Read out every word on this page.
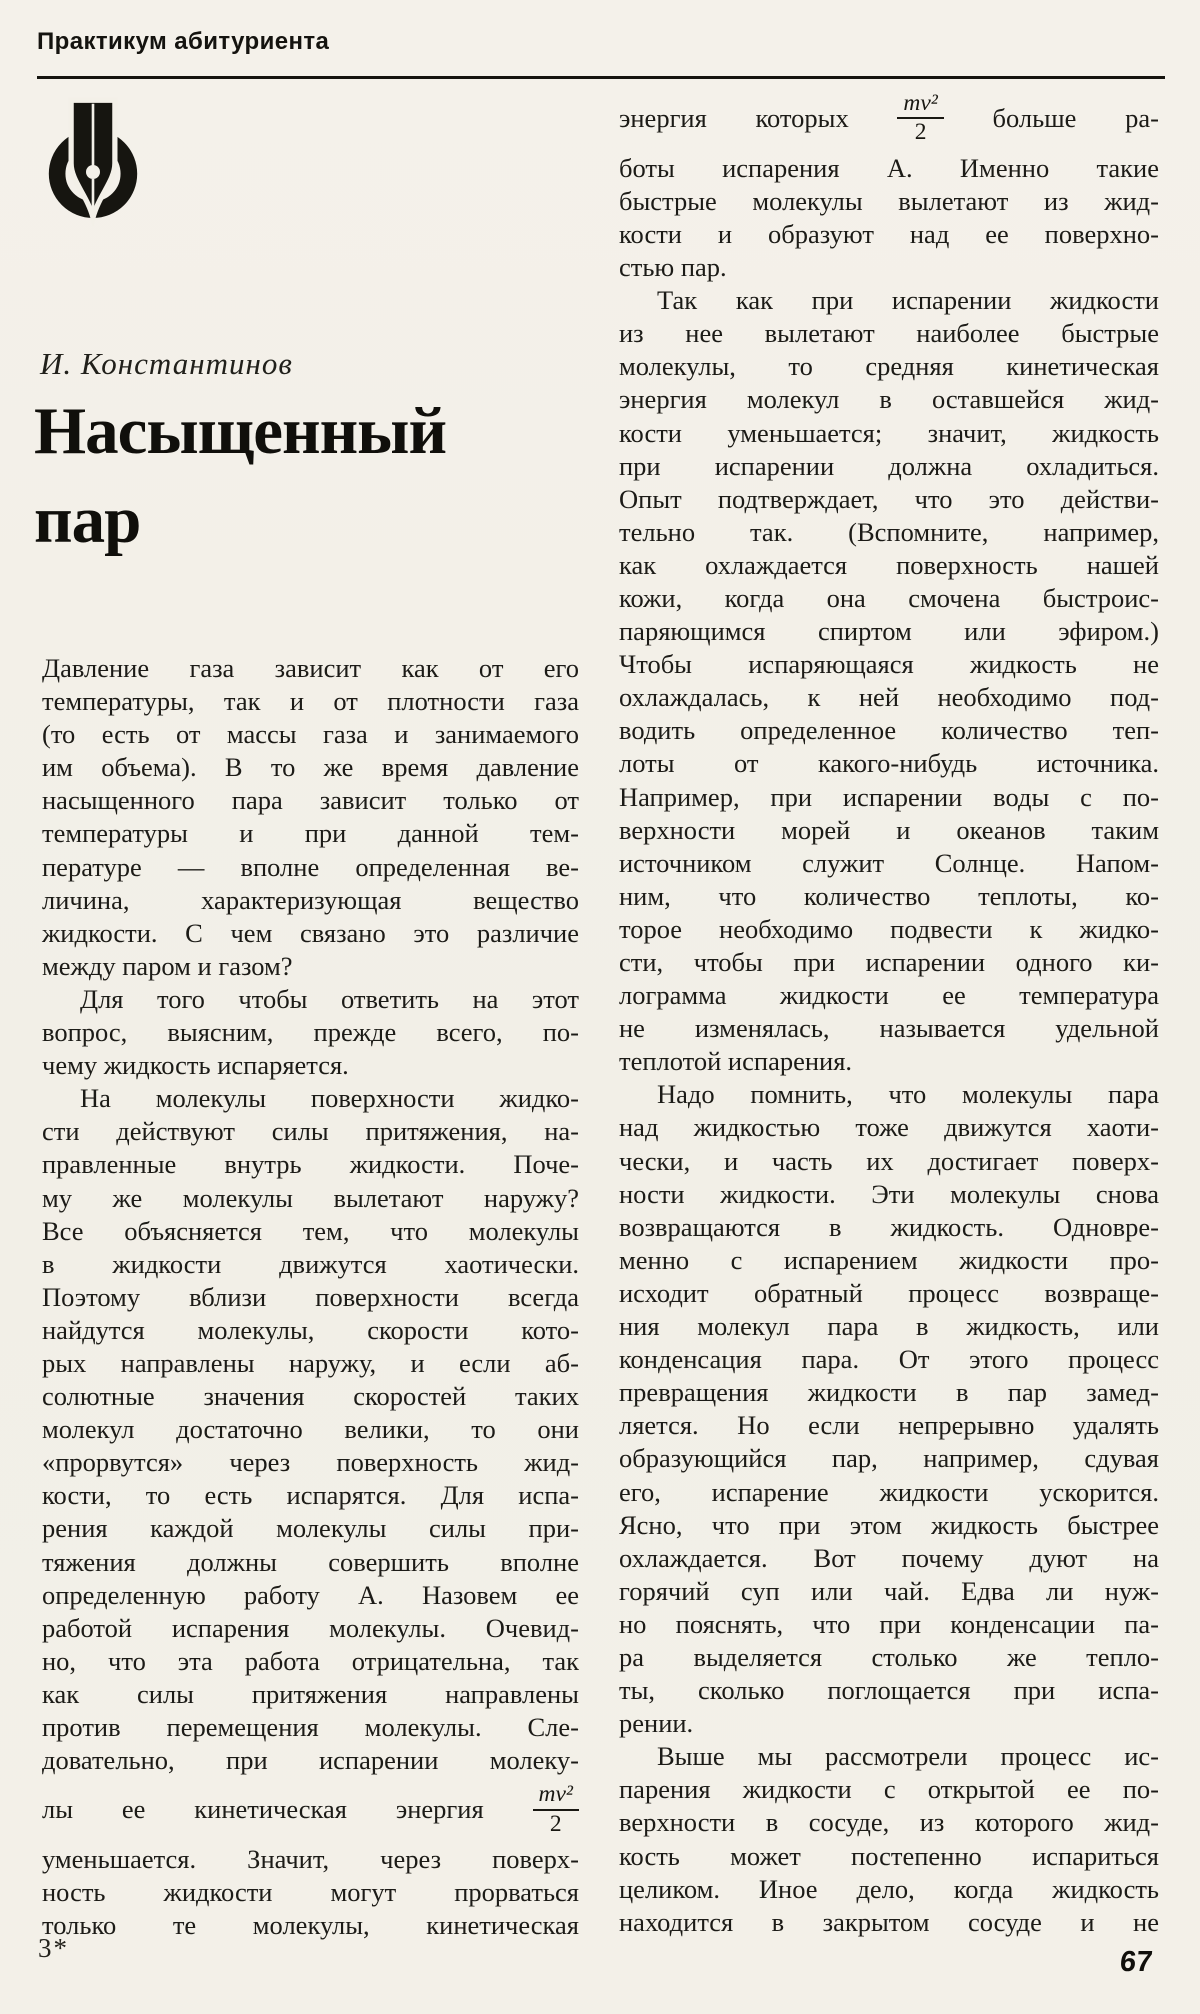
Практикум абитуриента
И. Константинов
Насыщенный
пар
Давление газа зависит как от его
температуры, так и от плотности газа
(то есть от массы газа и занимаемого
им объема). В то же время давление
насыщенного пара зависит только от
температуры и при данной тем-
пературе — вполне определенная ве-
личина, характеризующая вещество
жидкости. С чем связано это различие
между паром и газом?
Для того чтобы ответить на этот
вопрос, выясним, прежде всего, по-
чему жидкость испаряется.
На молекулы поверхности жидко-
сти действуют силы притяжения, на-
правленные внутрь жидкости. Поче-
му же молекулы вылетают наружу?
Все объясняется тем, что молекулы
в жидкости движутся хаотически.
Поэтому вблизи поверхности всегда
найдутся молекулы, скорости кото-
рых направлены наружу, и если аб-
солютные значения скоростей таких
молекул достаточно велики, то они
«прорвутся» через поверхность жид-
кости, то есть испарятся. Для испа-
рения каждой молекулы силы при-
тяжения должны совершить вполне
определенную работу А. Назовем ее
работой испарения молекулы. Очевид-
но, что эта работа отрицательна, так
как силы притяжения направлены
против перемещения молекулы. Сле-
довательно, при испарении молеку-
лы ее кинетическая энергия $\frac{\text{mv²}}{2}$
уменьшается. Значит, через поверх-
ность жидкости могут прорваться
только те молекулы, кинетическая
энергия которых $\frac{\text{mv²}}{2}$ больше ра-
боты испарения А. Именно такие
быстрые молекулы вылетают из жид-
кости и образуют над ее поверхно-
стью пар.
Так как при испарении жидкости
из нее вылетают наиболее быстрые
молекулы, то средняя кинетическая
энергия молекул в оставшейся жид-
кости уменьшается; значит, жидкость
при испарении должна охладиться.
Опыт подтверждает, что это действи-
тельно так. (Вспомните, например,
как охлаждается поверхность нашей
кожи, когда она смочена быстроис-
паряющимся спиртом или эфиром.)
Чтобы испаряющаяся жидкость не
охлаждалась, к ней необходимо под-
водить определенное количество теп-
лоты от какого-нибудь источника.
Например, при испарении воды с по-
верхности морей и океанов таким
источником служит Солнце. Напом-
ним, что количество теплоты, ко-
торое необходимо подвести к жидко-
сти, чтобы при испарении одного ки-
лограмма жидкости ее температура
не изменялась, называется удельной
теплотой испарения.
Надо помнить, что молекулы пара
над жидкостью тоже движутся хаоти-
чески, и часть их достигает поверх-
ности жидкости. Эти молекулы снова
возвращаются в жидкость. Одновре-
менно с испарением жидкости про-
исходит обратный процесс возвраще-
ния молекул пара в жидкость, или
конденсация пара. От этого процесс
превращения жидкости в пар замед-
ляется. Но если непрерывно удалять
образующийся пар, например, сдувая
его, испарение жидкости ускорится.
Ясно, что при этом жидкость быстрее
охлаждается. Вот почему дуют на
горячий суп или чай. Едва ли нуж-
но пояснять, что при конденсации па-
ра выделяется столько же тепло-
ты, сколько поглощается при испа-
рении.
Выше мы рассмотрели процесс ис-
парения жидкости с открытой ее по-
верхности в сосуде, из которого жид-
кость может постепенно испариться
целиком. Иное дело, когда жидкость
находится в закрытом сосуде и не
3*	67
